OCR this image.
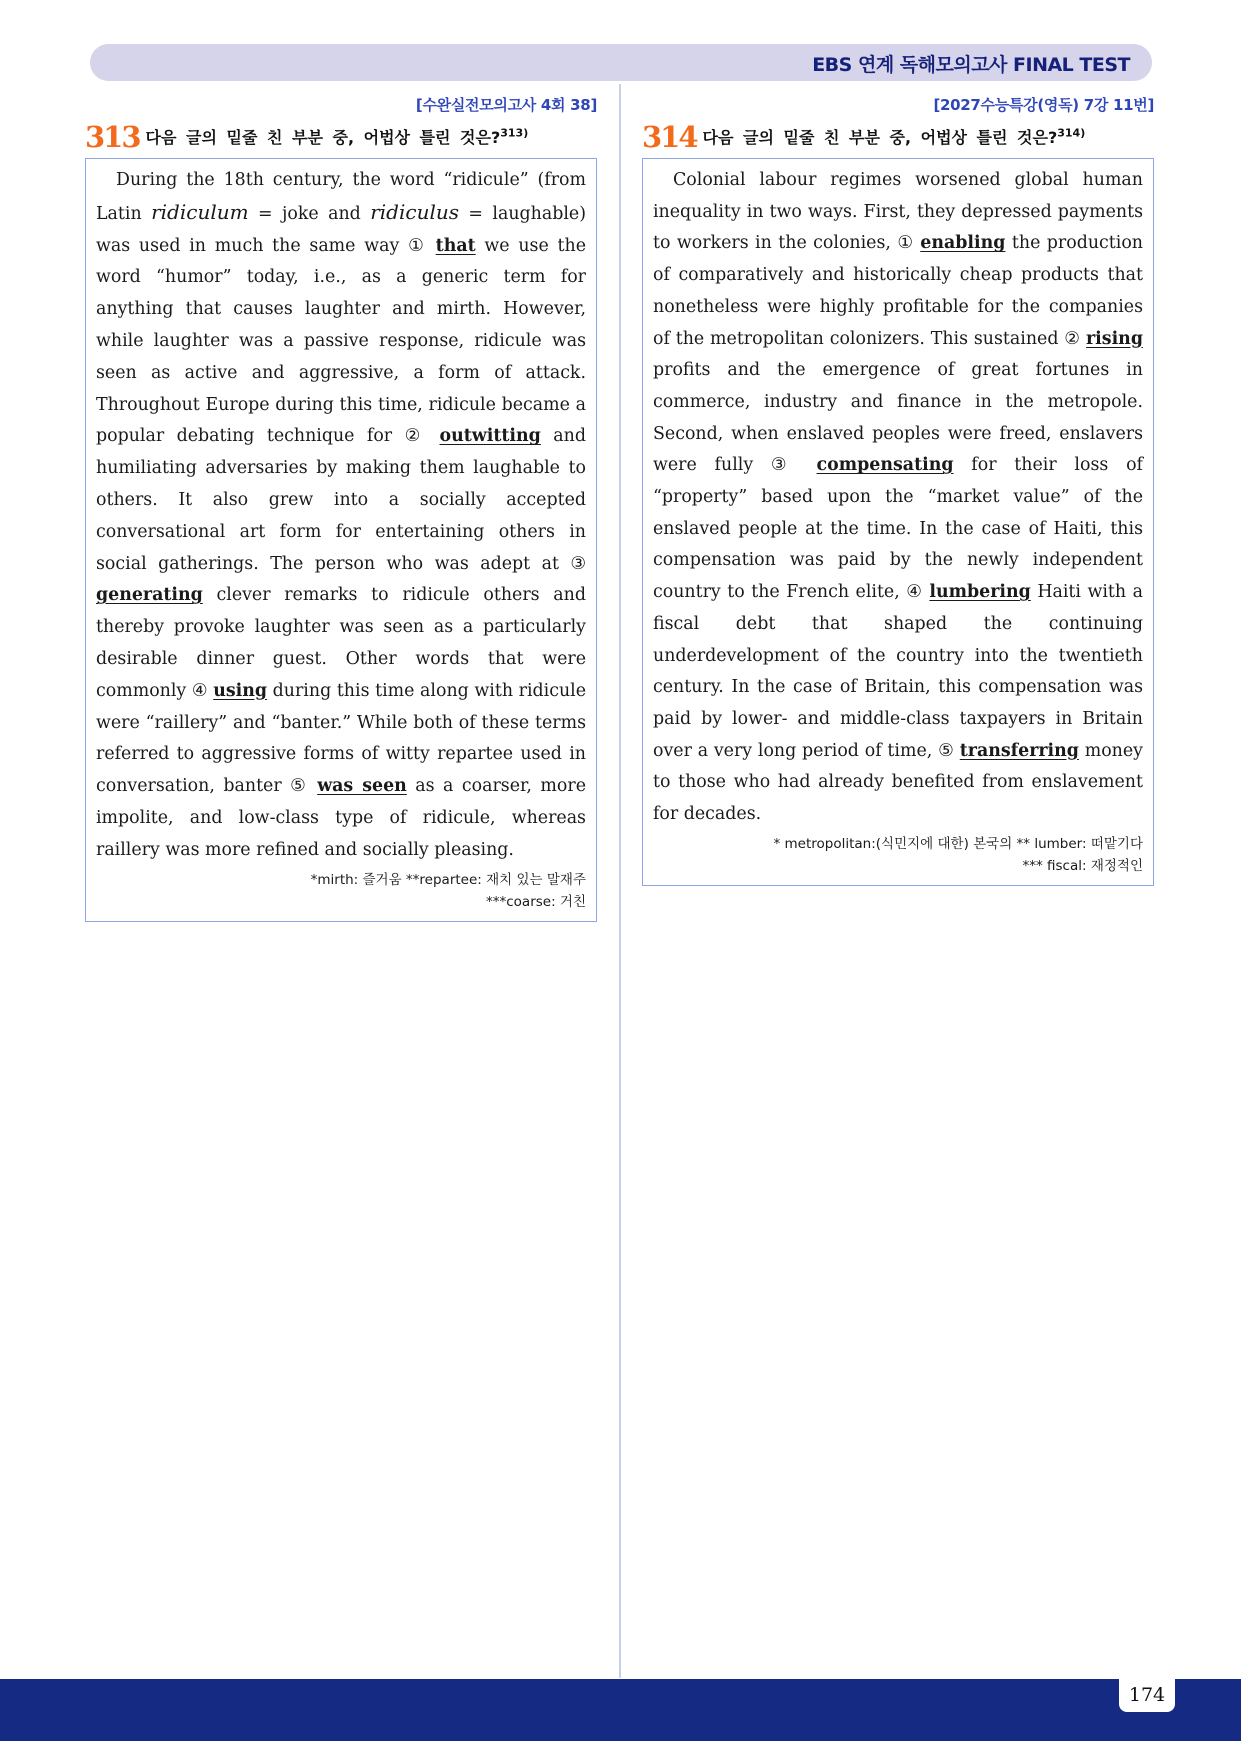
EBS 연계 독해모의고사 FINAL TEST
[수완실전모의고사 4회 38]
313 다음 글의 밑줄 친 부분 중, 어법상 틀린 것은?$^{313)}$

During the 18th century, the word “ridicule” (from Latin ridiculum = joke and ridiculus = laughable) was used in much the same way ① that we use the word “humor” today, i.e., as a generic term for anything that causes laughter and mirth. However, while laughter was a passive response, ridicule was seen as active and aggressive, a form of attack. Throughout Europe during this time, ridicule became a popular debating technique for ② outwitting and humiliating adversaries by making them laughable to others. It also grew into a socially accepted conversational art form for entertaining others in social gatherings. The person who was adept at ③ generating clever remarks to ridicule others and thereby provoke laughter was seen as a particularly desirable dinner guest. Other words that were commonly ④ using during this time along with ridicule were “raillery” and “banter.” While both of these terms referred to aggressive forms of witty repartee used in conversation, banter ⑤ was seen as a coarser, more impolite, and low-class type of ridicule, whereas raillery was more refined and socially pleasing.

*mirth: 즐거움 **repartee: 재치 있는 말재주
***coarse: 거친
[2027수능특강(영독) 7강 11번]
314 다음 글의 밑줄 친 부분 중, 어법상 틀린 것은?$^{314)}$

Colonial labour regimes worsened global human inequality in two ways. First, they depressed payments to workers in the colonies, ① enabling the production of comparatively and historically cheap products that nonetheless were highly profitable for the companies of the metropolitan colonizers. This sustained ② rising profits and the emergence of great fortunes in commerce, industry and finance in the metropole. Second, when enslaved peoples were freed, enslavers were fully ③ compensating for their loss of “property” based upon the “market value” of the enslaved people at the time. In the case of Haiti, this compensation was paid by the newly independent country to the French elite, ④ lumbering Haiti with a fiscal debt that shaped the continuing underdevelopment of the country into the twentieth century. In the case of Britain, this compensation was paid by lower- and middle-class taxpayers in Britain over a very long period of time, ⑤ transferring money to those who had already benefited from enslavement for decades.

* metropolitan:(식민지에 대한) 본국의 ** lumber: 떠맡기다
*** fiscal: 재정적인
174
